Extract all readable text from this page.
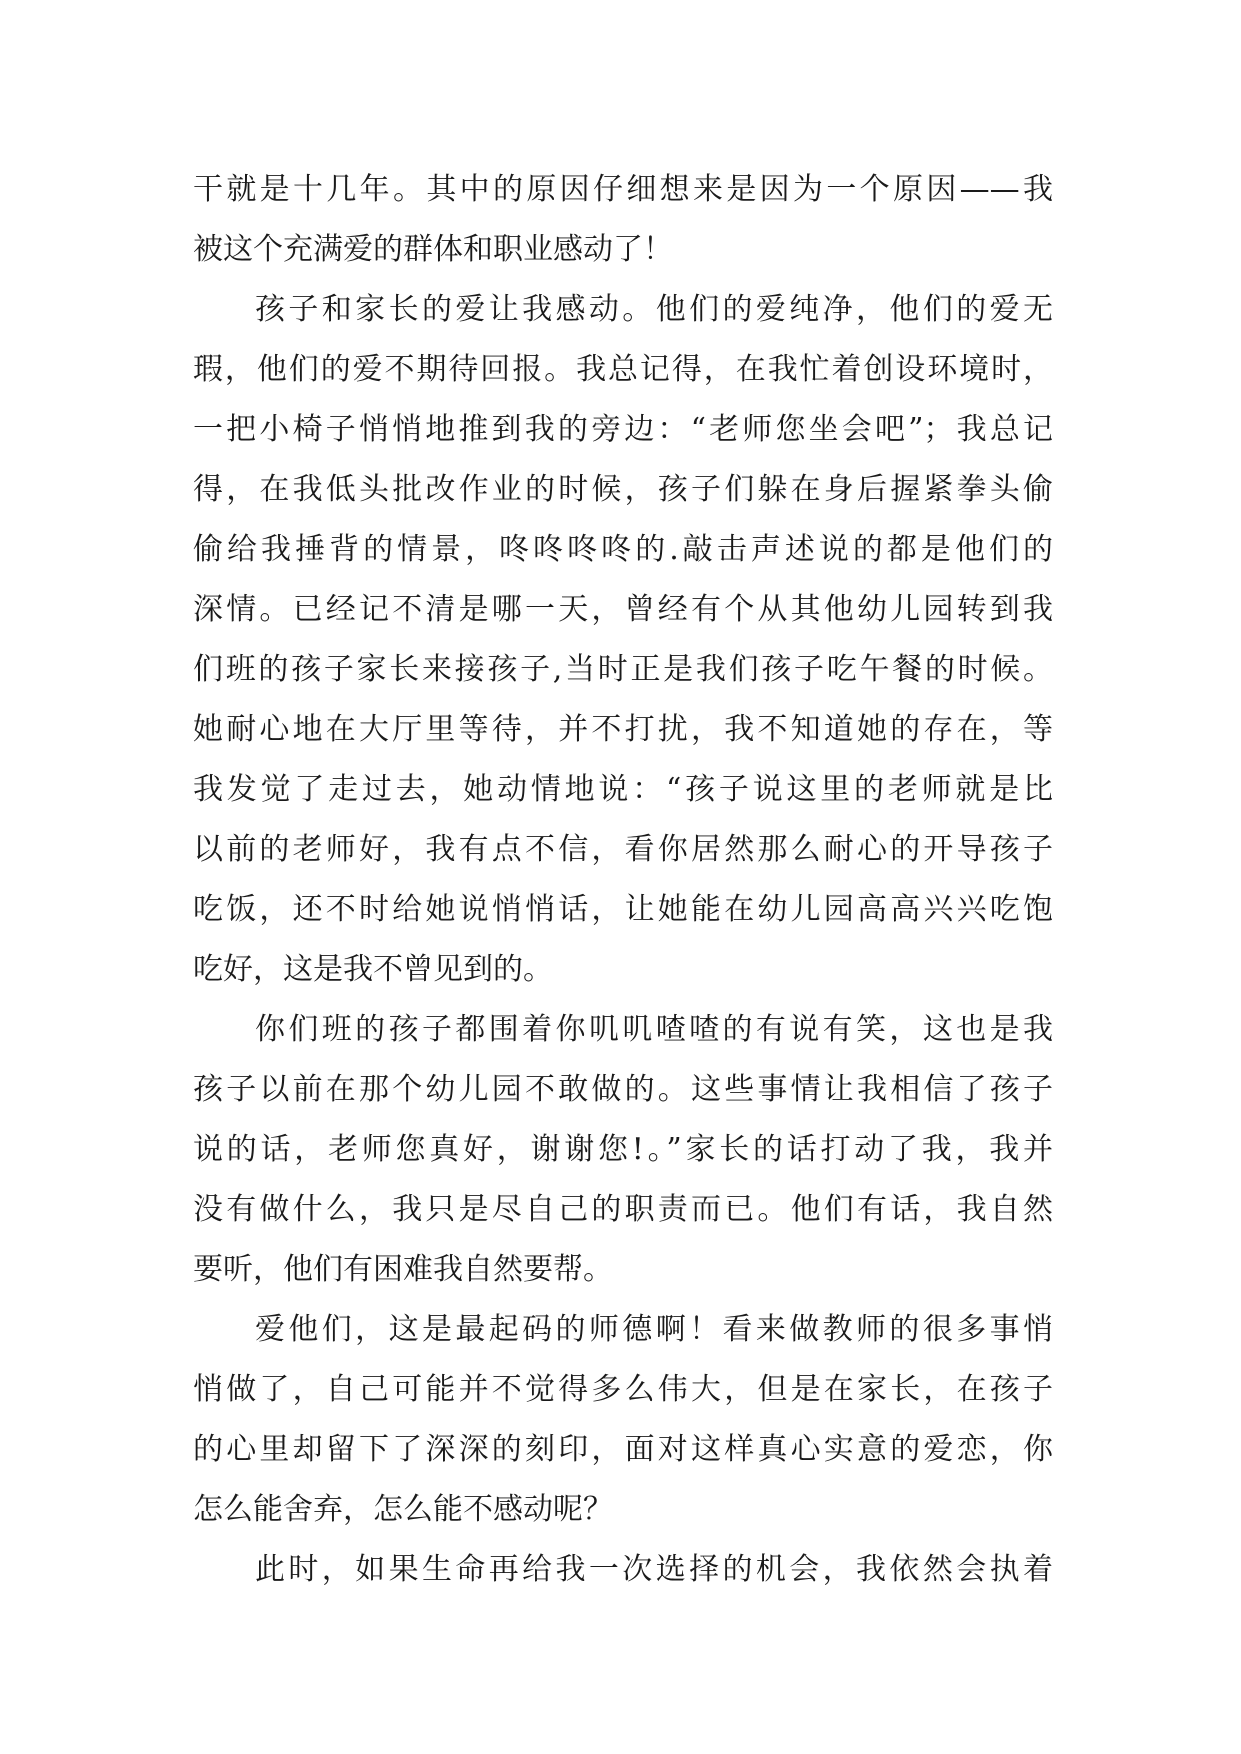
干就是十几年。其中的原因仔细想来是因为一个原因——我
被这个充满爱的群体和职业感动了！
孩子和家长的爱让我感动。他们的爱纯净，他们的爱无
瑕，他们的爱不期待回报。我总记得，在我忙着创设环境时，
一把小椅子悄悄地推到我的旁边：“老师您坐会吧”；我总记
得，在我低头批改作业的时候，孩子们躲在身后握紧拳头偷
偷给我捶背的情景，咚咚咚咚的.敲击声述说的都是他们的
深情。已经记不清是哪一天，曾经有个从其他幼儿园转到我
们班的孩子家长来接孩子,当时正是我们孩子吃午餐的时候。
她耐心地在大厅里等待，并不打扰，我不知道她的存在，等
我发觉了走过去，她动情地说：“孩子说这里的老师就是比
以前的老师好，我有点不信，看你居然那么耐心的开导孩子
吃饭，还不时给她说悄悄话，让她能在幼儿园高高兴兴吃饱
吃好，这是我不曾见到的。
你们班的孩子都围着你叽叽喳喳的有说有笑，这也是我
孩子以前在那个幼儿园不敢做的。这些事情让我相信了孩子
说的话，老师您真好，谢谢您!。”家长的话打动了我，我并
没有做什么，我只是尽自己的职责而已。他们有话，我自然
要听，他们有困难我自然要帮。
爱他们，这是最起码的师德啊！看来做教师的很多事悄
悄做了，自己可能并不觉得多么伟大，但是在家长，在孩子
的心里却留下了深深的刻印，面对这样真心实意的爱恋，你
怎么能舍弃，怎么能不感动呢？
此时，如果生命再给我一次选择的机会，我依然会执着
